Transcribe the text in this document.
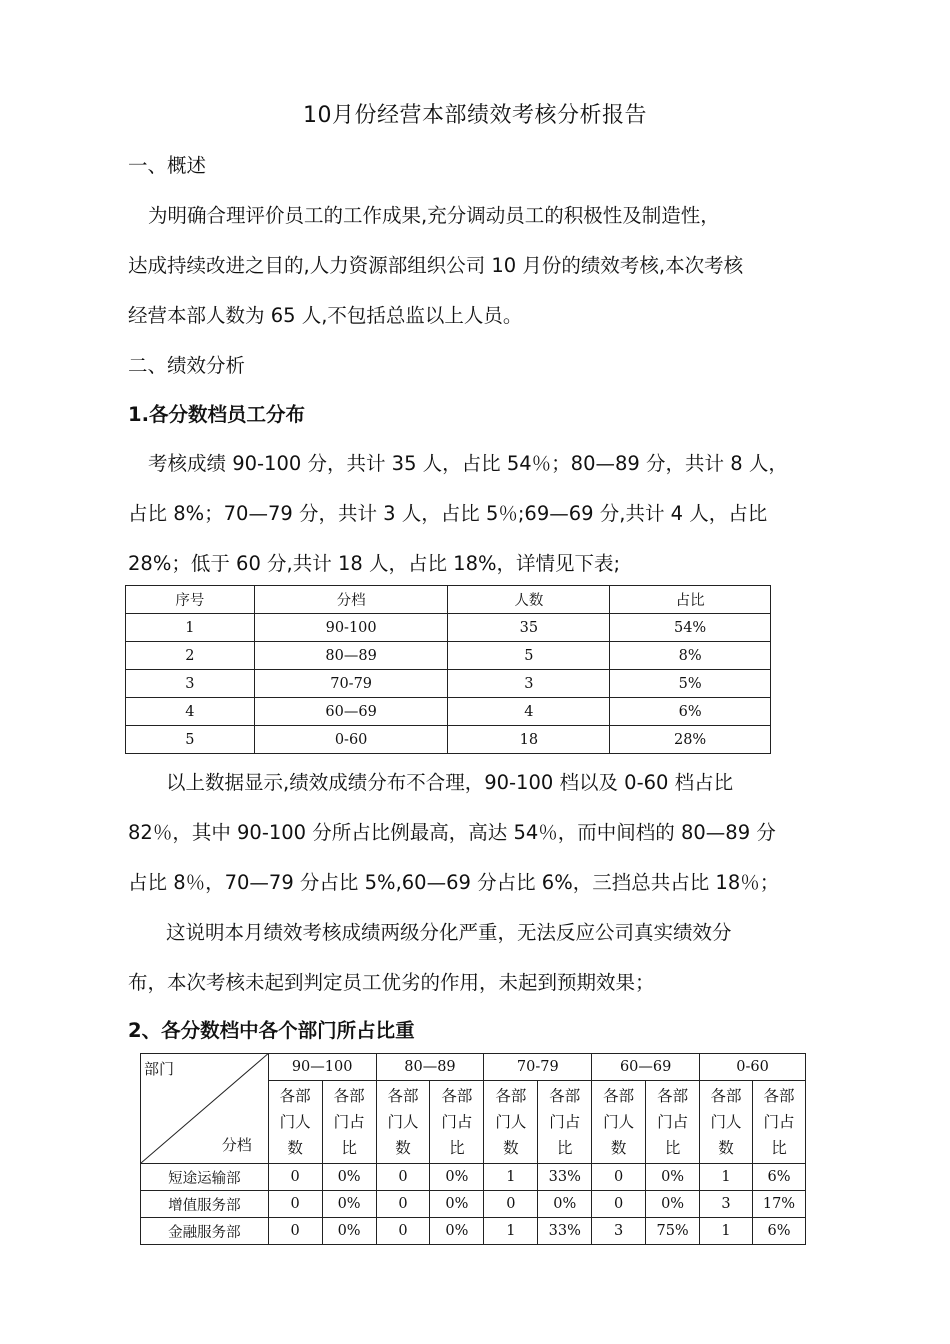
10月份经营本部绩效考核分析报告
一、概述
为明确合理评价员工的工作成果,充分调动员工的积极性及制造性，
达成持续改进之目的,人力资源部组织公司 10 月份的绩效考核,本次考核
经营本部人数为 65 人,不包括总监以上人员。
二、绩效分析
1.各分数档员工分布
考核成绩 90-100 分，共计 35 人，占比 54％；80—89 分，共计 8 人，
占比 8%；70—79 分，共计 3 人，占比 5％;69—69 分,共计 4 人，占比
28%；低于 60 分,共计 18 人，占比 18%，详情见下表;
序号	分档	人数	占比
1	90-100	35	54%
2	80—89	5	8%
3	70-79	3	5%
4	60—69	4	6%
5	0-60	18	28%
以上数据显示,绩效成绩分布不合理，90-100 档以及 0-60 档占比
82％，其中 90-100 分所占比例最高，高达 54％，而中间档的 80—89 分
占比 8％，70—79 分占比 5%,60—69 分占比 6%，三挡总共占比 18％；
这说明本月绩效考核成绩两级分化严重，无法反应公司真实绩效分
布，本次考核未起到判定员工优劣的作用，未起到预期效果；
2、各分数档中各个部门所占比重
部门
分档	90—100		80—89		70-79		60—69		0-60	
	各部
门人
数	各部
门占
比	各部
门人
数	各部
门占
比	各部
门人
数	各部
门占
比	各部
门人
数	各部
门占
比	各部
门人
数	各部
门占
比
短途运输部	0	0%	0	0%	1	33%	0	0%	1	6%
增值服务部	0	0%	0	0%	0	0%	0	0%	3	17%
金融服务部	0	0%	0	0%	1	33%	3	75%	1	6%
